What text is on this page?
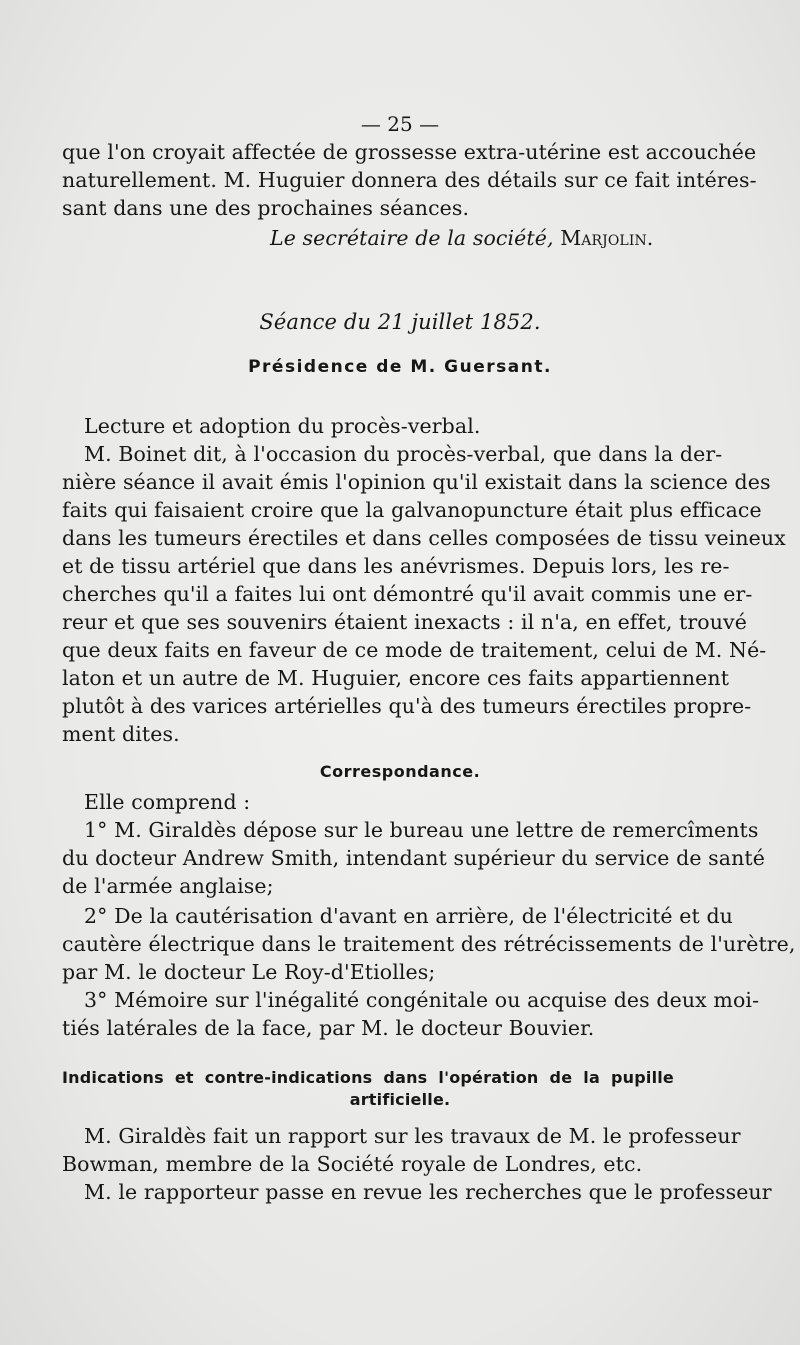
— 25 —
que l'on croyait affectée de grossesse extra-utérine est accouchée
naturellement. M. Huguier donnera des détails sur ce fait intéres-
sant dans une des prochaines séances.
Le secrétaire de la société, Marjolin.
Séance du 21 juillet 1852.
Présidence de M. Guersant.
Lecture et adoption du procès-verbal.
M. Boinet dit, à l'occasion du procès-verbal, que dans la der-
nière séance il avait émis l'opinion qu'il existait dans la science des
faits qui faisaient croire que la galvanopuncture était plus efficace
dans les tumeurs érectiles et dans celles composées de tissu veineux
et de tissu artériel que dans les anévrismes. Depuis lors, les re-
cherches qu'il a faites lui ont démontré qu'il avait commis une er-
reur et que ses souvenirs étaient inexacts : il n'a, en effet, trouvé
que deux faits en faveur de ce mode de traitement, celui de M. Né-
laton et un autre de M. Huguier, encore ces faits appartiennent
plutôt à des varices artérielles qu'à des tumeurs érectiles propre-
ment dites.
Correspondance.
Elle comprend :
1° M. Giraldès dépose sur le bureau une lettre de remercîments
du docteur Andrew Smith, intendant supérieur du service de santé
de l'armée anglaise;
2° De la cautérisation d'avant en arrière, de l'électricité et du
cautère électrique dans le traitement des rétrécissements de l'urètre,
par M. le docteur Le Roy-d'Etiolles;
3° Mémoire sur l'inégalité congénitale ou acquise des deux moi-
tiés latérales de la face, par M. le docteur Bouvier.
Indications et contre-indications dans l'opération de la pupille
artificielle.
M. Giraldès fait un rapport sur les travaux de M. le professeur
Bowman, membre de la Société royale de Londres, etc.
M. le rapporteur passe en revue les recherches que le professeur
